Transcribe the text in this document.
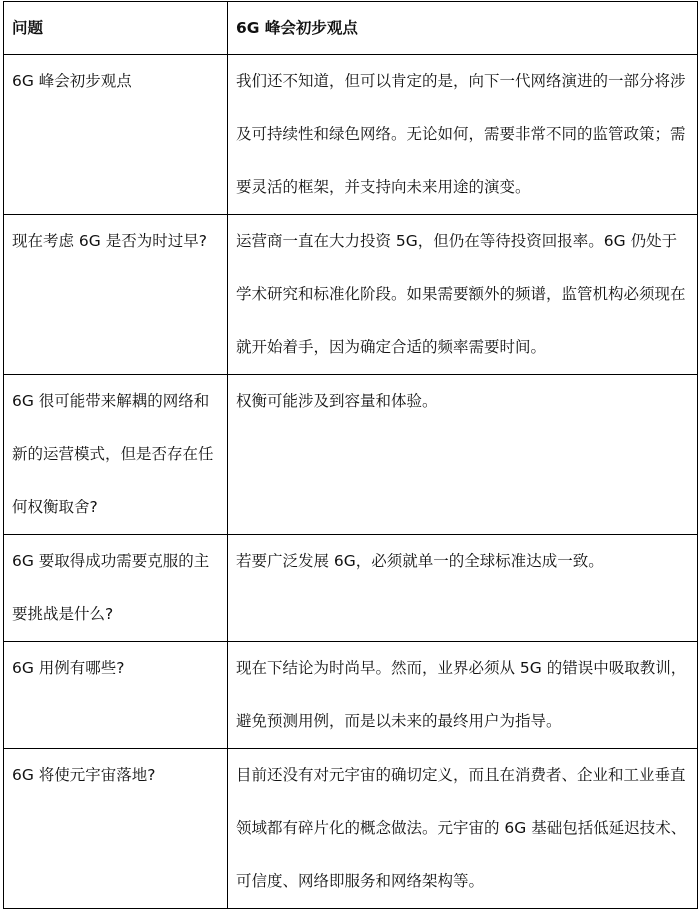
问题	6G 峰会初步观点
6G 峰会初步观点	我们还不知道，但可以肯定的是，向下一代网络演进的一部分将涉及可持续性和绿色网络。无论如何，需要非常不同的监管政策；需要灵活的框架，并支持向未来用途的演变。
现在考虑 6G 是否为时过早?	运营商一直在大力投资 5G，但仍在等待投资回报率。6G 仍处于学术研究和标准化阶段。如果需要额外的频谱，监管机构必须现在就开始着手，因为确定合适的频率需要时间。
6G 很可能带来解耦的网络和新的运营模式，但是否存在任何权衡取舍?	权衡可能涉及到容量和体验。
6G 要取得成功需要克服的主要挑战是什么?	若要广泛发展 6G，必须就单一的全球标准达成一致。
6G 用例有哪些?	现在下结论为时尚早。然而，业界必须从 5G 的错误中吸取教训，避免预测用例，而是以未来的最终用户为指导。
6G 将使元宇宙落地?	目前还没有对元宇宙的确切定义，而且在消费者、企业和工业垂直领域都有碎片化的概念做法。元宇宙的 6G 基础包括低延迟技术、可信度、网络即服务和网络架构等。
